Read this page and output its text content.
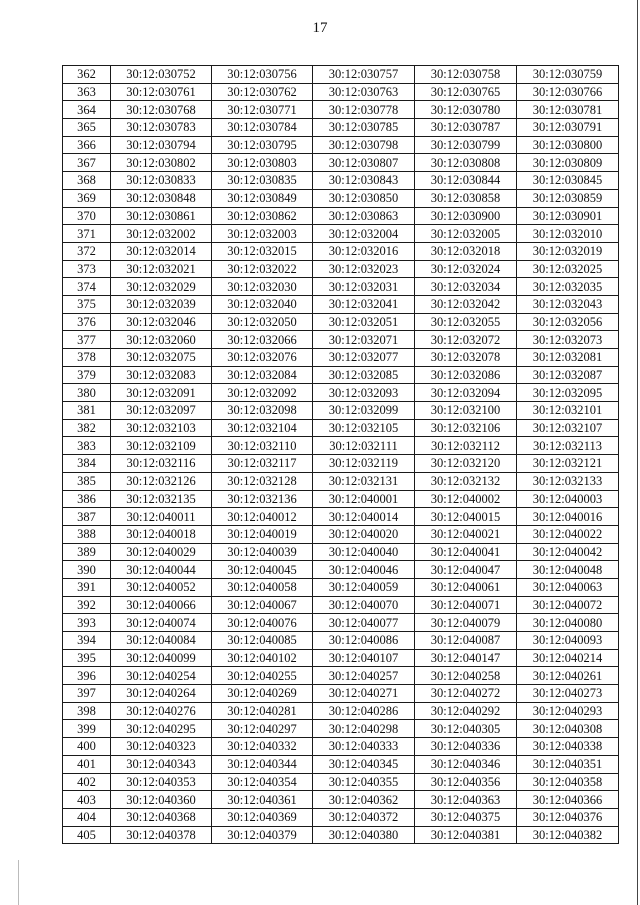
17
362	30:12:030752	30:12:030756	30:12:030757	30:12:030758	30:12:030759
363	30:12:030761	30:12:030762	30:12:030763	30:12:030765	30:12:030766
364	30:12:030768	30:12:030771	30:12:030778	30:12:030780	30:12:030781
365	30:12:030783	30:12:030784	30:12:030785	30:12:030787	30:12:030791
366	30:12:030794	30:12:030795	30:12:030798	30:12:030799	30:12:030800
367	30:12:030802	30:12:030803	30:12:030807	30:12:030808	30:12:030809
368	30:12:030833	30:12:030835	30:12:030843	30:12:030844	30:12:030845
369	30:12:030848	30:12:030849	30:12:030850	30:12:030858	30:12:030859
370	30:12:030861	30:12:030862	30:12:030863	30:12:030900	30:12:030901
371	30:12:032002	30:12:032003	30:12:032004	30:12:032005	30:12:032010
372	30:12:032014	30:12:032015	30:12:032016	30:12:032018	30:12:032019
373	30:12:032021	30:12:032022	30:12:032023	30:12:032024	30:12:032025
374	30:12:032029	30:12:032030	30:12:032031	30:12:032034	30:12:032035
375	30:12:032039	30:12:032040	30:12:032041	30:12:032042	30:12:032043
376	30:12:032046	30:12:032050	30:12:032051	30:12:032055	30:12:032056
377	30:12:032060	30:12:032066	30:12:032071	30:12:032072	30:12:032073
378	30:12:032075	30:12:032076	30:12:032077	30:12:032078	30:12:032081
379	30:12:032083	30:12:032084	30:12:032085	30:12:032086	30:12:032087
380	30:12:032091	30:12:032092	30:12:032093	30:12:032094	30:12:032095
381	30:12:032097	30:12:032098	30:12:032099	30:12:032100	30:12:032101
382	30:12:032103	30:12:032104	30:12:032105	30:12:032106	30:12:032107
383	30:12:032109	30:12:032110	30:12:032111	30:12:032112	30:12:032113
384	30:12:032116	30:12:032117	30:12:032119	30:12:032120	30:12:032121
385	30:12:032126	30:12:032128	30:12:032131	30:12:032132	30:12:032133
386	30:12:032135	30:12:032136	30:12:040001	30:12:040002	30:12:040003
387	30:12:040011	30:12:040012	30:12:040014	30:12:040015	30:12:040016
388	30:12:040018	30:12:040019	30:12:040020	30:12:040021	30:12:040022
389	30:12:040029	30:12:040039	30:12:040040	30:12:040041	30:12:040042
390	30:12:040044	30:12:040045	30:12:040046	30:12:040047	30:12:040048
391	30:12:040052	30:12:040058	30:12:040059	30:12:040061	30:12:040063
392	30:12:040066	30:12:040067	30:12:040070	30:12:040071	30:12:040072
393	30:12:040074	30:12:040076	30:12:040077	30:12:040079	30:12:040080
394	30:12:040084	30:12:040085	30:12:040086	30:12:040087	30:12:040093
395	30:12:040099	30:12:040102	30:12:040107	30:12:040147	30:12:040214
396	30:12:040254	30:12:040255	30:12:040257	30:12:040258	30:12:040261
397	30:12:040264	30:12:040269	30:12:040271	30:12:040272	30:12:040273
398	30:12:040276	30:12:040281	30:12:040286	30:12:040292	30:12:040293
399	30:12:040295	30:12:040297	30:12:040298	30:12:040305	30:12:040308
400	30:12:040323	30:12:040332	30:12:040333	30:12:040336	30:12:040338
401	30:12:040343	30:12:040344	30:12:040345	30:12:040346	30:12:040351
402	30:12:040353	30:12:040354	30:12:040355	30:12:040356	30:12:040358
403	30:12:040360	30:12:040361	30:12:040362	30:12:040363	30:12:040366
404	30:12:040368	30:12:040369	30:12:040372	30:12:040375	30:12:040376
405	30:12:040378	30:12:040379	30:12:040380	30:12:040381	30:12:040382
